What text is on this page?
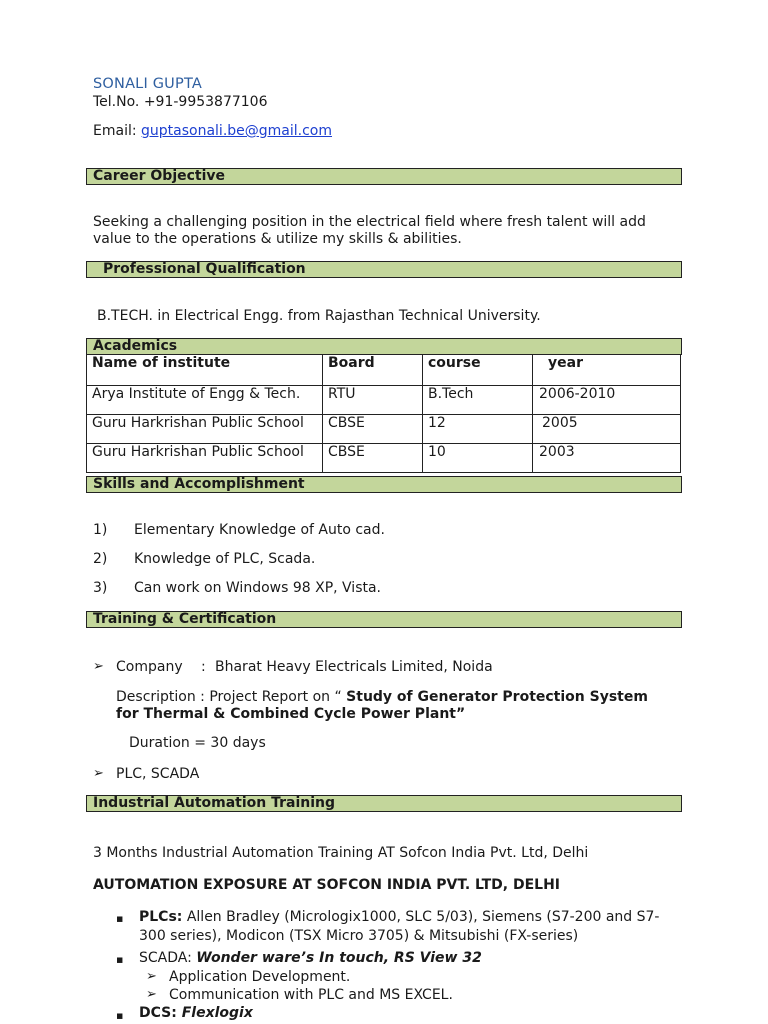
SONALI GUPTA
Tel.No. +91-9953877106
Email: guptasonali.be@gmail.com
Career Objective
Seeking a challenging position in the electrical field where fresh talent will add value to the operations & utilize my skills & abilities.
Professional Qualification
B.TECH. in Electrical Engg. from Rajasthan Technical University.
Academics
Name of institute	Board	course	year
Arya Institute of Engg & Tech.	RTU	B.Tech	2006-2010
Guru Harkrishan Public School	CBSE	12	2005
Guru Harkrishan Public School	CBSE	10	2003
Skills and Accomplishment
1) Elementary Knowledge of Auto cad.
2) Knowledge of PLC, Scada.
3) Can work on Windows 98 XP, Vista.
Training & Certification
➢ Company : Bharat Heavy Electricals Limited, Noida
Description : Project Report on “ Study of Generator Protection System
for Thermal & Combined Cycle Power Plant”
Duration = 30 days
➢ PLC, SCADA
Industrial Automation Training
3 Months Industrial Automation Training AT Sofcon India Pvt. Ltd, Delhi
AUTOMATION EXPOSURE AT SOFCON INDIA PVT. LTD, DELHI
▪ PLCs: Allen Bradley (Micrologix1000, SLC 5/03), Siemens (S7-200 and S7-
300 series), Modicon (TSX Micro 3705) & Mitsubishi (FX-series)
▪ SCADA: Wonder ware’s In touch, RS View 32
➢ Application Development.
➢ Communication with PLC and MS EXCEL.
▪ DCS: Flexlogix
